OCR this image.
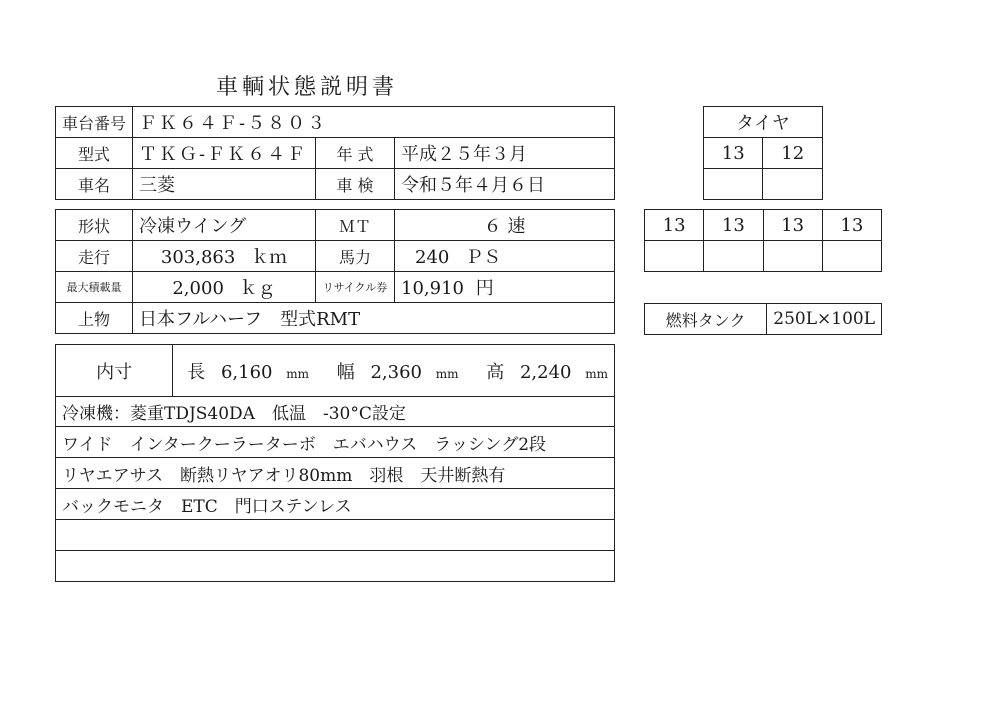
車輌状態説明書
車台番号	ＦＫ６４Ｆ-５８０３		
型式	ＴＫＧ-ＦＫ６４Ｆ	年 式	平成２５年３月
車名	三菱	車 検	令和５年４月６日
形状	冷凍ウイング	ＭＴ	６ 速
走行	303,863 ｋｍ	馬力	240 ＰＳ
最大積載量	2,000 ｋｇ	リサイクル券	10,910 円
上物	日本フルハーフ　型式RMT		
内寸	長 6,160 mm 幅 2,360 mm 高 2,240 mm
冷凍機：菱重TDJS40DA　低温　-30°C設定
ワイド　インタークーラーターボ　エバハウス　ラッシング2段
リヤエアサス　断熱リヤアオリ80mm　羽根　天井断熱有
バックモニタ　ETC　門口ステンレス

タイヤ	
13	12

13	13	13	13

燃料タンク	250L×100L
